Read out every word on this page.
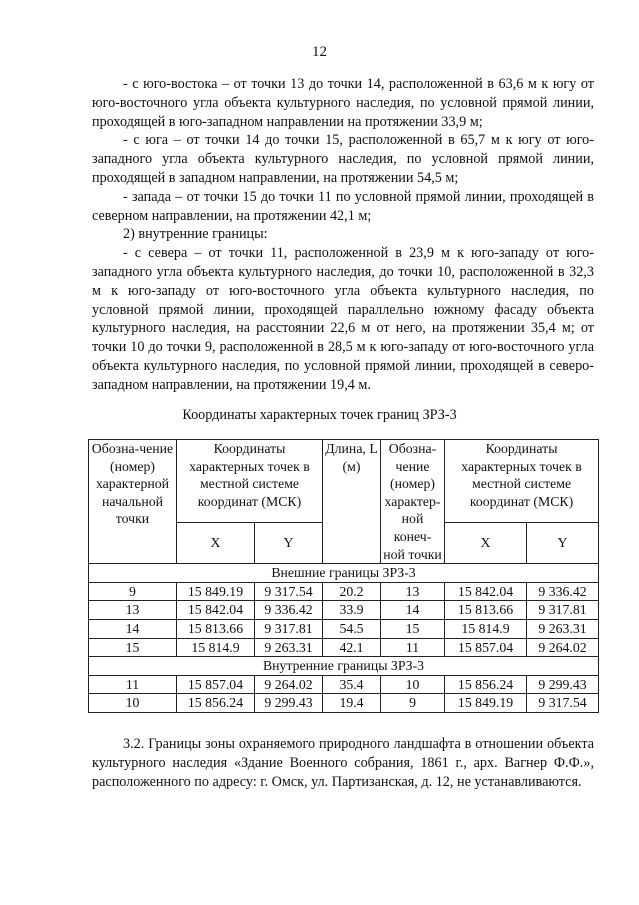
12

- с юго-востока – от точки 13 до точки 14, расположенной в 63,6 м к югу от юго-восточного угла объекта культурного наследия, по условной прямой линии, проходящей в юго-западном направлении на протяжении 33,9 м;

- с юга – от точки 14 до точки 15, расположенной в 65,7 м к югу от юго-западного угла объекта культурного наследия, по условной прямой линии, проходящей в западном направлении, на протяжении 54,5 м;

- запада – от точки 15 до точки 11 по условной прямой линии, проходящей в северном направлении, на протяжении 42,1 м;

2) внутренние границы:

- с севера – от точки 11, расположенной в 23,9 м к юго-западу от юго-западного угла объекта культурного наследия, до точки 10, расположенной в 32,3 м к юго-западу от юго-восточного угла объекта культурного наследия, по условной прямой линии, проходящей параллельно южному фасаду объекта культурного наследия, на расстоянии 22,6 м от него, на протяжении 35,4 м; от точки 10 до точки 9, расположенной в 28,5 м к юго-западу от юго-восточного угла объекта культурного наследия, по условной прямой линии, проходящей в северо-западном направлении, на протяжении 19,4 м.

Координаты характерных точек границ ЗРЗ-3
Обозна-чение (номер) характерной начальной точки	Координаты характерных точек в местной системе координат (МСК)		Длина, L (м)	Обозна-чение (номер) характер-ной конеч-ной точки	Координаты характерных точек в местной системе координат (МСК)	
	X	Y			X	Y
Внешние границы ЗРЗ-3						
9	15 849.19	9 317.54	20.2	13	15 842.04	9 336.42
13	15 842.04	9 336.42	33.9	14	15 813.66	9 317.81
14	15 813.66	9 317.81	54.5	15	15 814.9	9 263.31
15	15 814.9	9 263.31	42.1	11	15 857.04	9 264.02
Внутренние границы ЗРЗ-3						
11	15 857.04	9 264.02	35.4	10	15 856.24	9 299.43
10	15 856.24	9 299.43	19.4	9	15 849.19	9 317.54

3.2. Границы зоны охраняемого природного ландшафта в отношении объекта культурного наследия «Здание Военного собрания, 1861 г., арх. Вагнер Ф.Ф.», расположенного по адресу: г. Омск, ул. Партизанская, д. 12, не устанавливаются.
